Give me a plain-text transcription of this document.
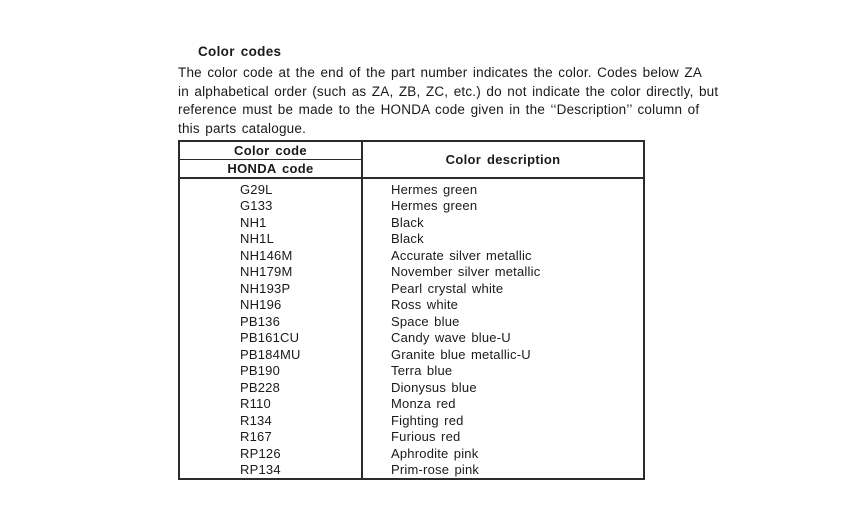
Color codes
The color code at the end of the part number indicates the color. Codes below ZA
in alphabetical order (such as ZA, ZB, ZC, etc.) do not indicate the color directly, but
reference must be made to the HONDA code given in the ‘‘Description’’ column of
this parts catalogue.
Color code
HONDA code
Color description
G29L	Hermes green
G133	Hermes green
NH1	Black
NH1L	Black
NH146M	Accurate silver metallic
NH179M	November silver metallic
NH193P	Pearl crystal white
NH196	Ross white
PB136	Space blue
PB161CU	Candy wave blue-U
PB184MU	Granite blue metallic-U
PB190	Terra blue
PB228	Dionysus blue
R110	Monza red
R134	Fighting red
R167	Furious red
RP126	Aphrodite pink
RP134	Prim-rose pink
